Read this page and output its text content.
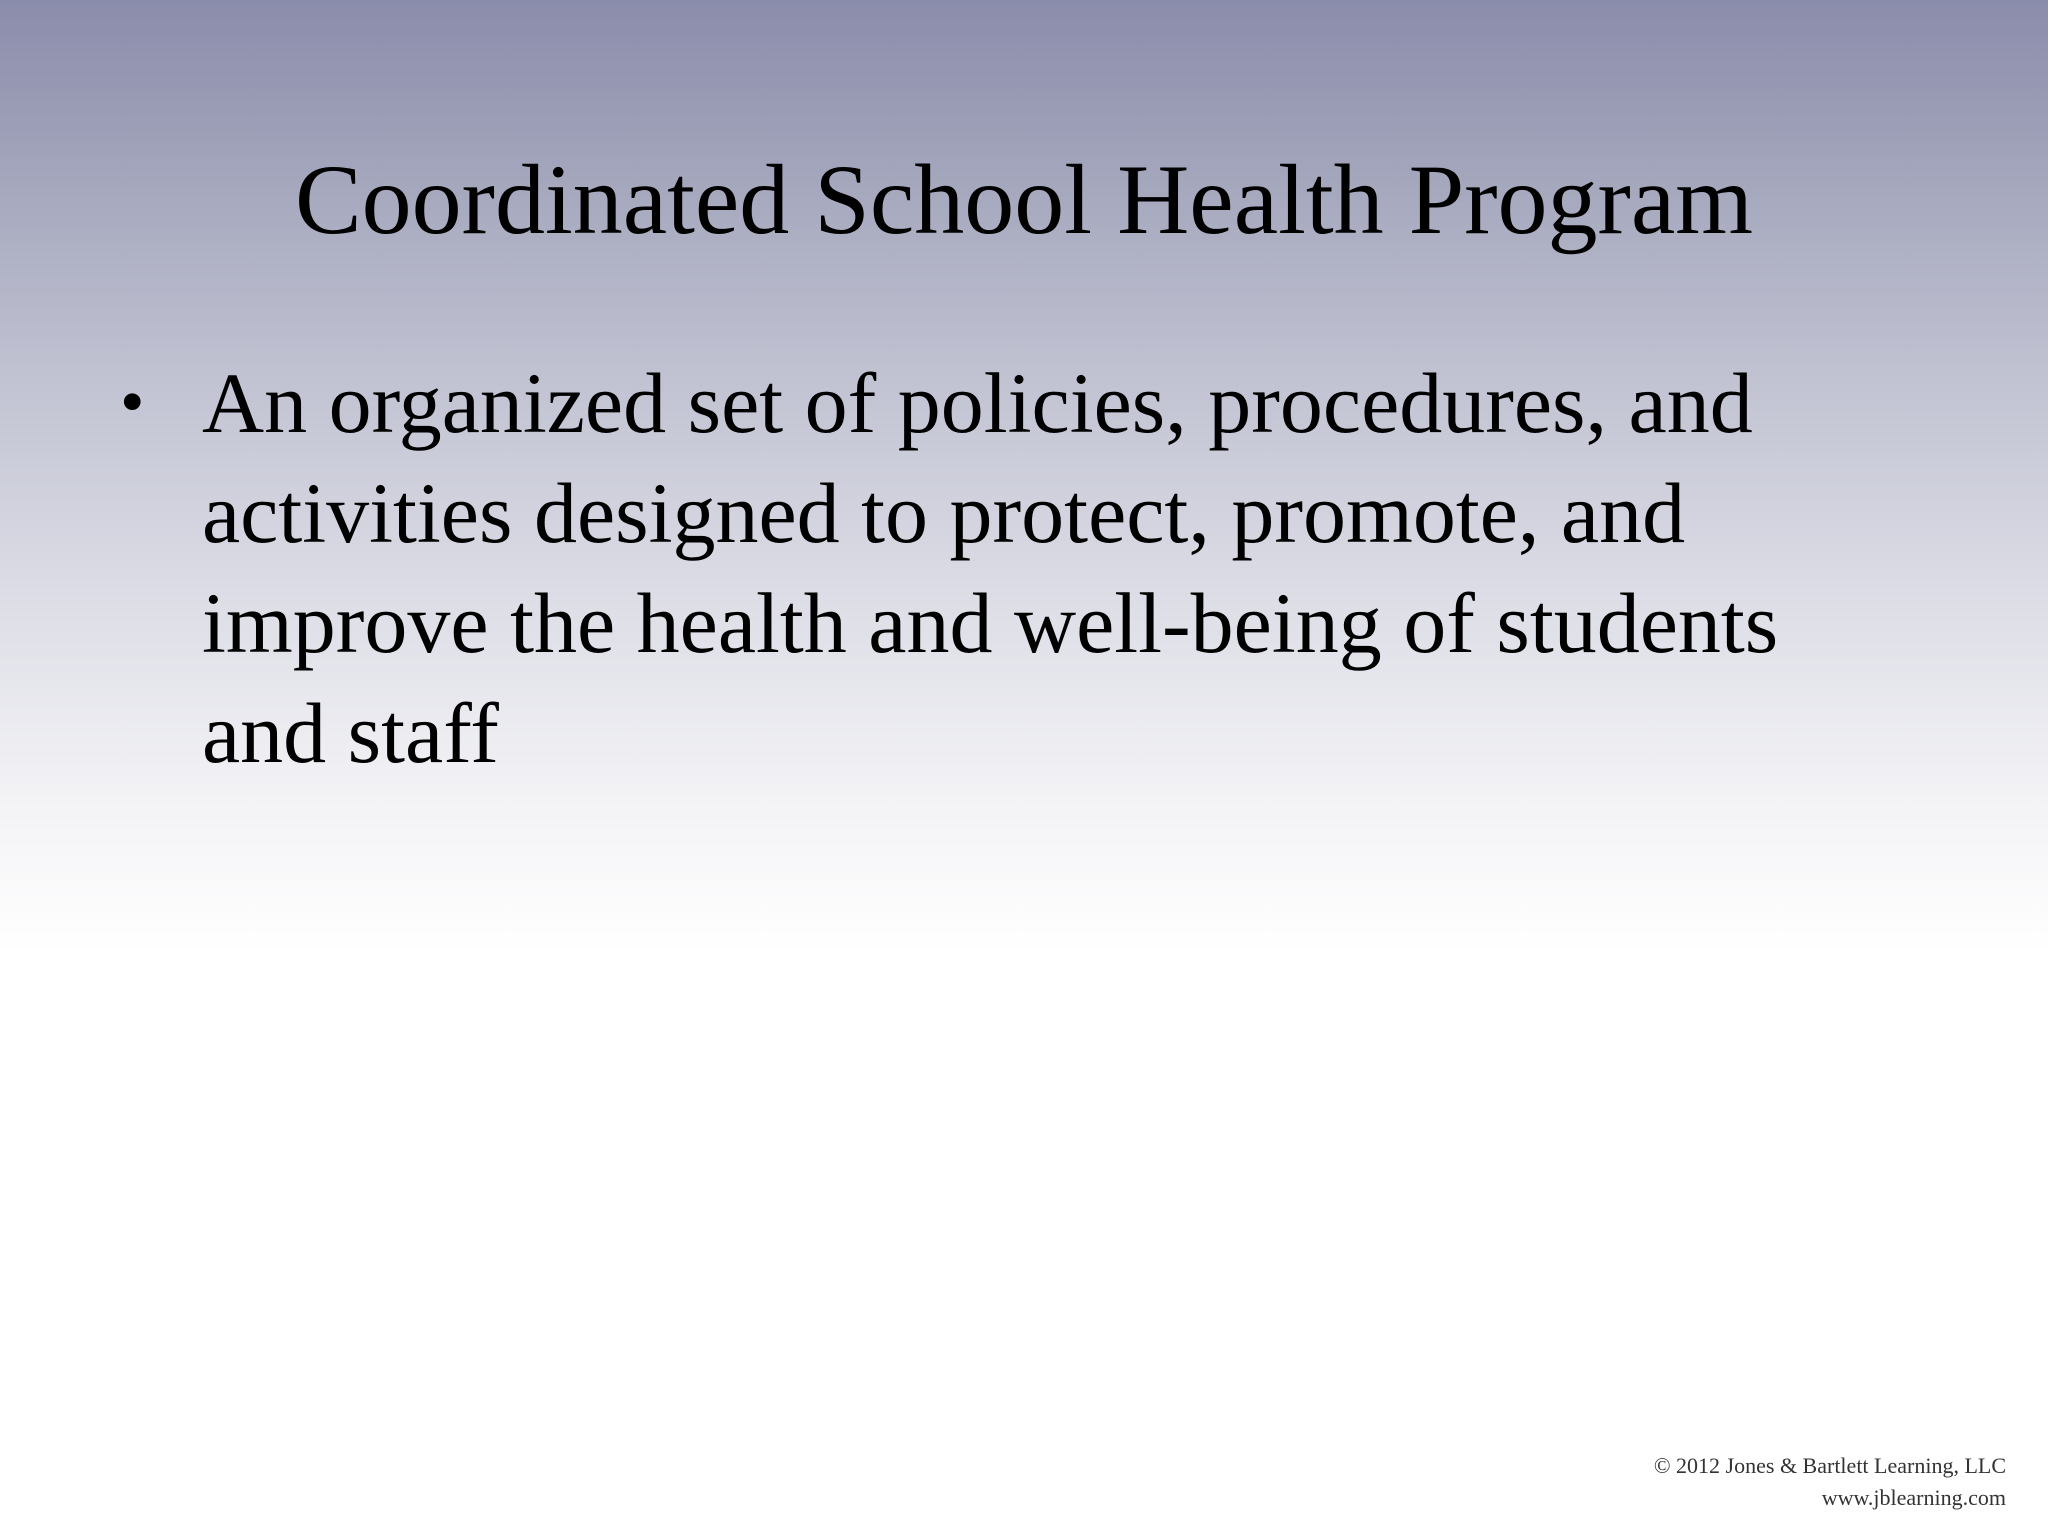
Coordinated School Health Program
• An organized set of policies, procedures, and activities designed to protect, promote, and improve the health and well-being of students and staff
© 2012 Jones & Bartlett Learning, LLC
www.jblearning.com
